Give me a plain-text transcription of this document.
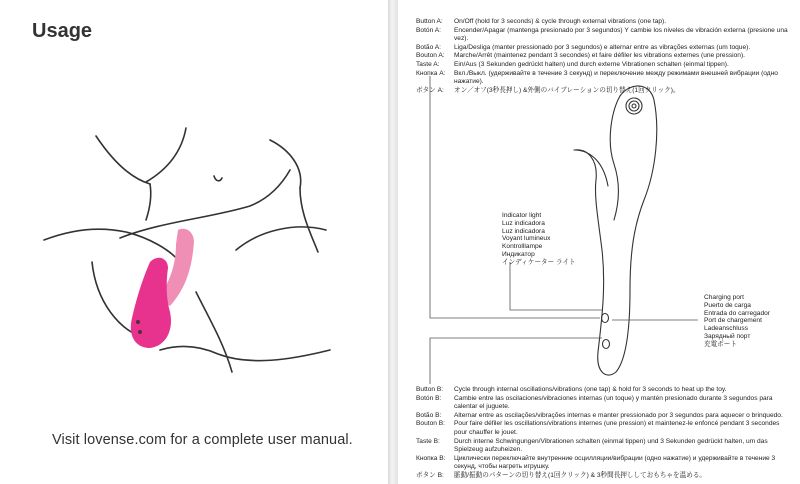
Usage
Visit lovense.com for a complete user manual.
Button A:	On/Off (hold for 3 seconds) & cycle through external vibrations (one tap).
Botón A:	Encender/Apagar (mantenga presionado por 3 segundos) Y cambie los niveles de vibración externa (presione una vez).
Botão A:	Liga/Desliga (manter pressionado por 3 segundos) e alternar entre as vibrações externas (um toque).
Bouton A:	Marche/Arrêt (maintenez pendant 3 secondes) et faire défiler les vibrations externes (une pression).
Taste A:	Ein/Aus (3 Sekunden gedrückt halten) und durch externe Vibrationen schalten (einmal tippen).
Кнопка A:	Вкл./Выкл. (удерживайте в течение 3 секунд) и переключение между режимами внешней вибрации (одно нажатие).
ボタン A:	オン／オフ(3秒長押し) &外側のバイブレーションの切り替え(1回クリック)。
Indicator light
Luz indicadora
Luz indicadora
Voyant lumineux
Kontrolllampe
Индикатор
インディケーター ライト
Charging port
Puerto de carga
Entrada do carregador
Port de chargement
Ladeanschluss
Зарядный порт
充電ポート
Button B:	Cycle through internal oscillations/vibrations (one tap) & hold for 3 seconds to heat up the toy.
Botón B:	Cambie entre las oscilaciones/vibraciones internas (un toque) y mantén presionado durante 3 segundos para calentar el juguete.
Botão B:	Alternar entre as oscilações/vibrações internas e manter pressionado por 3 segundos para aquecer o brinquedo.
Bouton B:	Pour faire défiler les oscillations/vibrations internes (une pression) et maintenez-le enfoncé pendant 3 secondes pour chauffer le jouet.
Taste B:	Durch interne Schwingungen/Vibrationen schalten (einmal tippen) und 3 Sekunden gedrückt halten, um das Spielzeug aufzuheizen.
Кнопка B:	Циклически переключайте внутренние осцилляции/вибрации (одно нажатие) и удерживайте в течение 3 секунд, чтобы нагреть игрушку.
ボタン B:	脈動/振動のパターンの切り替え(1回クリック) & 3秒間長押ししておもちゃを温める。
